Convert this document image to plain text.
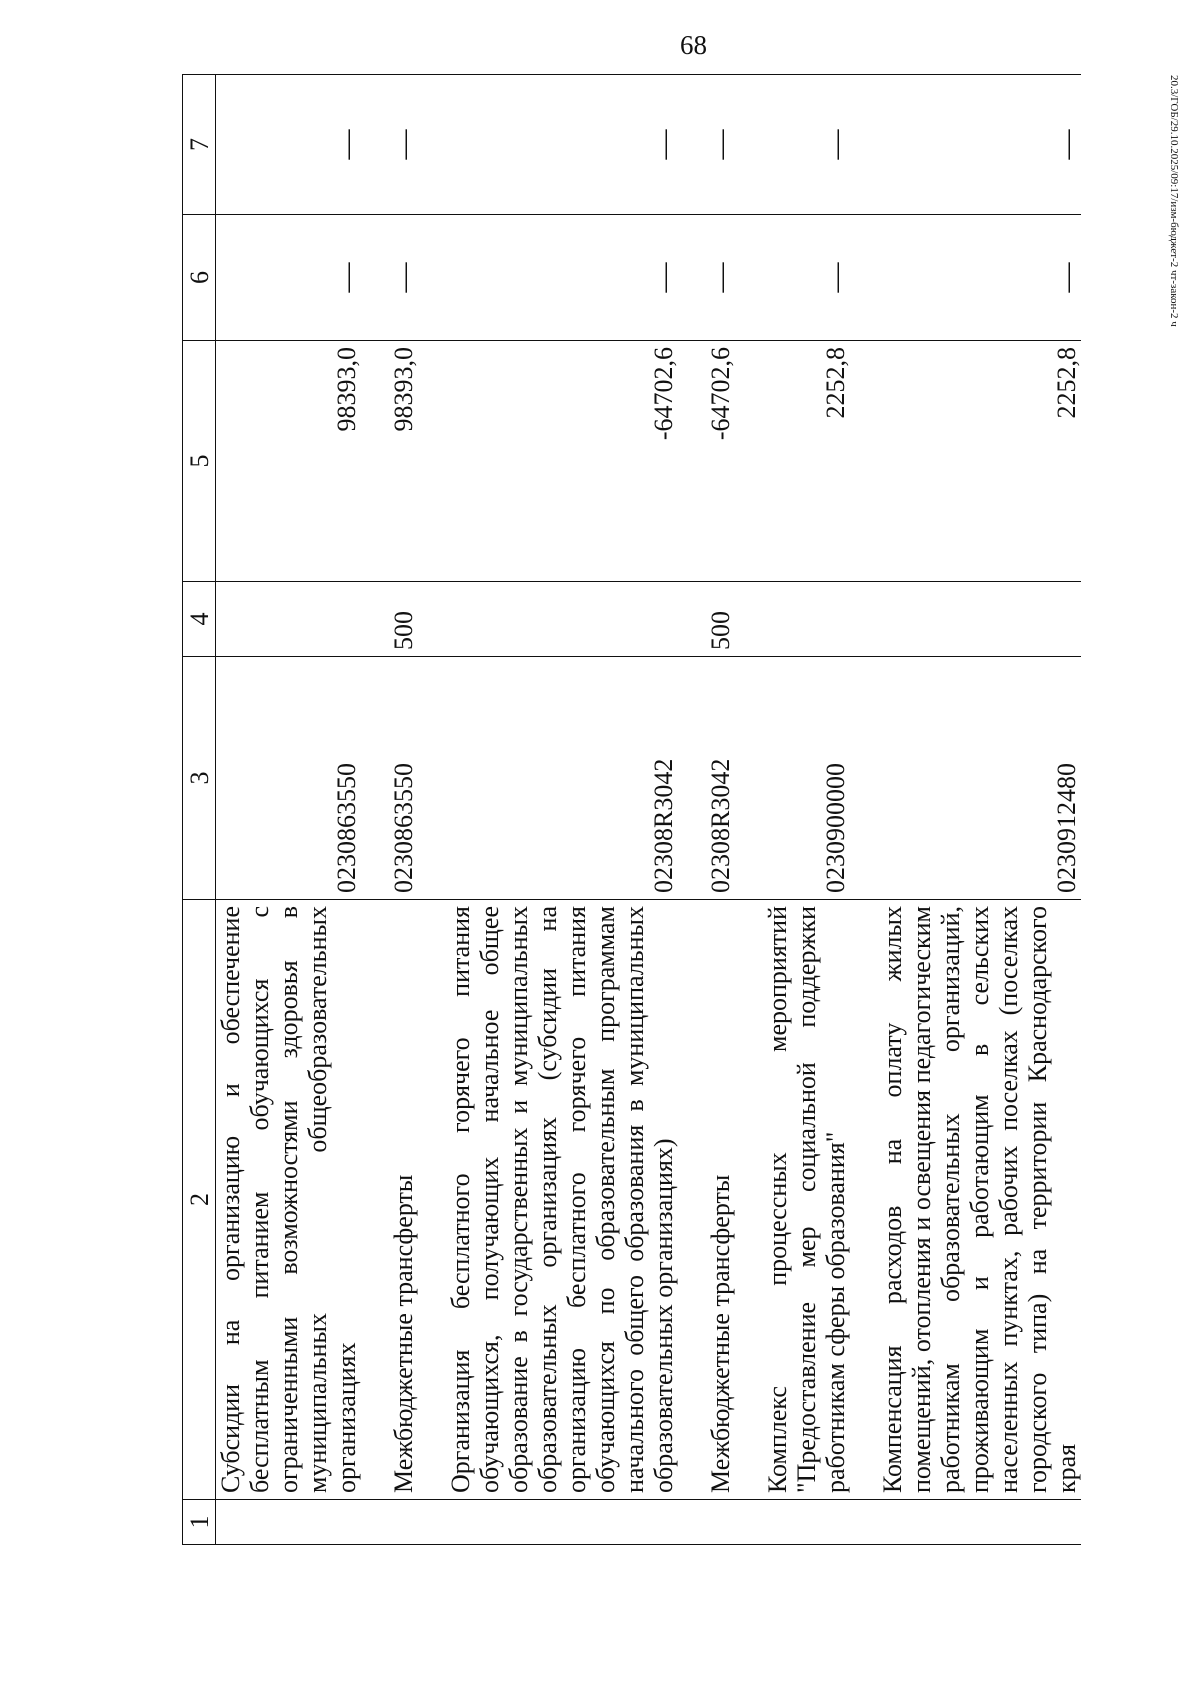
68
20.3/ГОБ/29.10.2025/09:17/изм-бюджет-2 чт-закон-2 ч
1	2	3	4	5	6	7
	Субсидии на организацию и обеспечение бесплатным питанием обучающихся с ограниченными возможностями здоровья в муниципальных общеобразовательных организациях	0230863550		98393,0	—	—

	Межбюджетные трансферты	0230863550	500	98393,0	—	—

	Организация бесплатного горячего питания обучающихся, получающих начальное общее образование в государственных и муниципальных образовательных организациях (субсидии на организацию бесплатного горячего питания обучающихся по образовательным программам начального общего образования в муниципальных образовательных организациях)	02308R3042		-64702,6	—	—

	Межбюджетные трансферты	02308R3042	500	-64702,6	—	—

	Комплекс процессных мероприятий "Предоставление мер социальной поддержки работникам сферы образования"	0230900000		2252,8	—	—

	Компенсация расходов на оплату жилых помещений, отопления и освещения педагогическим работникам образовательных организаций, проживающим и работающим в сельских населенных пунктах, рабочих поселках (поселках городского типа) на территории Краснодарского края	0230912480		2252,8	—	—
